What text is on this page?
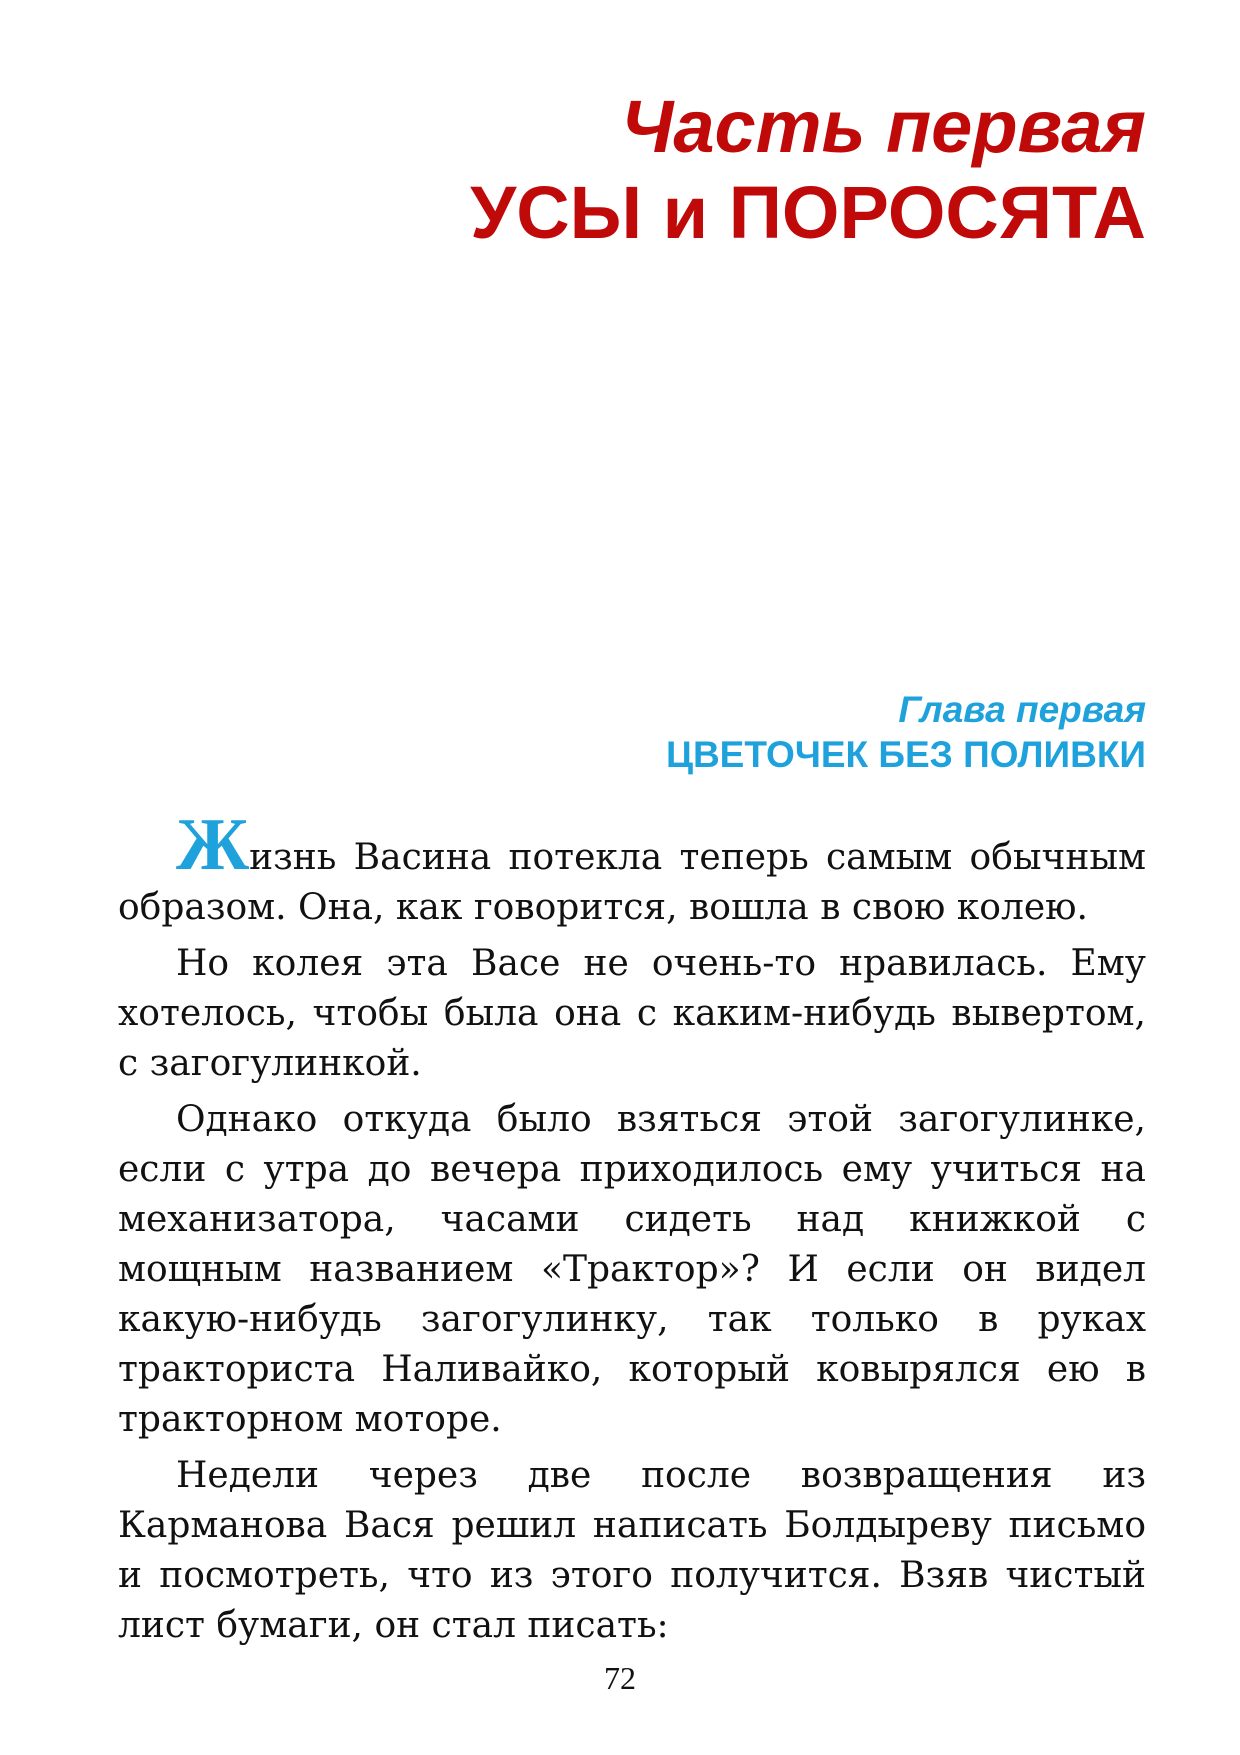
Часть первая
УСЫ и ПОРОСЯТА
Глава первая
ЦВЕТОЧЕК БЕЗ ПОЛИВКИ

Жизнь Васина потекла теперь самым обычным образом. Она, как говорится, вошла в свою колею.

Но колея эта Васе не очень-то нравилась. Ему хотелось, чтобы была она с каким-нибудь вывертом, с загогулинкой.

Однако откуда было взяться этой загогулинке, если с утра до вечера приходилось ему учиться на механизатора, часами сидеть над книжкой с мощным названием «Трактор»? И если он видел какую-нибудь загогулинку, так только в руках тракториста Наливайко, который ковырялся ею в тракторном моторе.

Недели через две после возвращения из Карманова Вася решил написать Болдыреву письмо и посмотреть, что из этого получится. Взяв чистый лист бумаги, он стал писать:

72
